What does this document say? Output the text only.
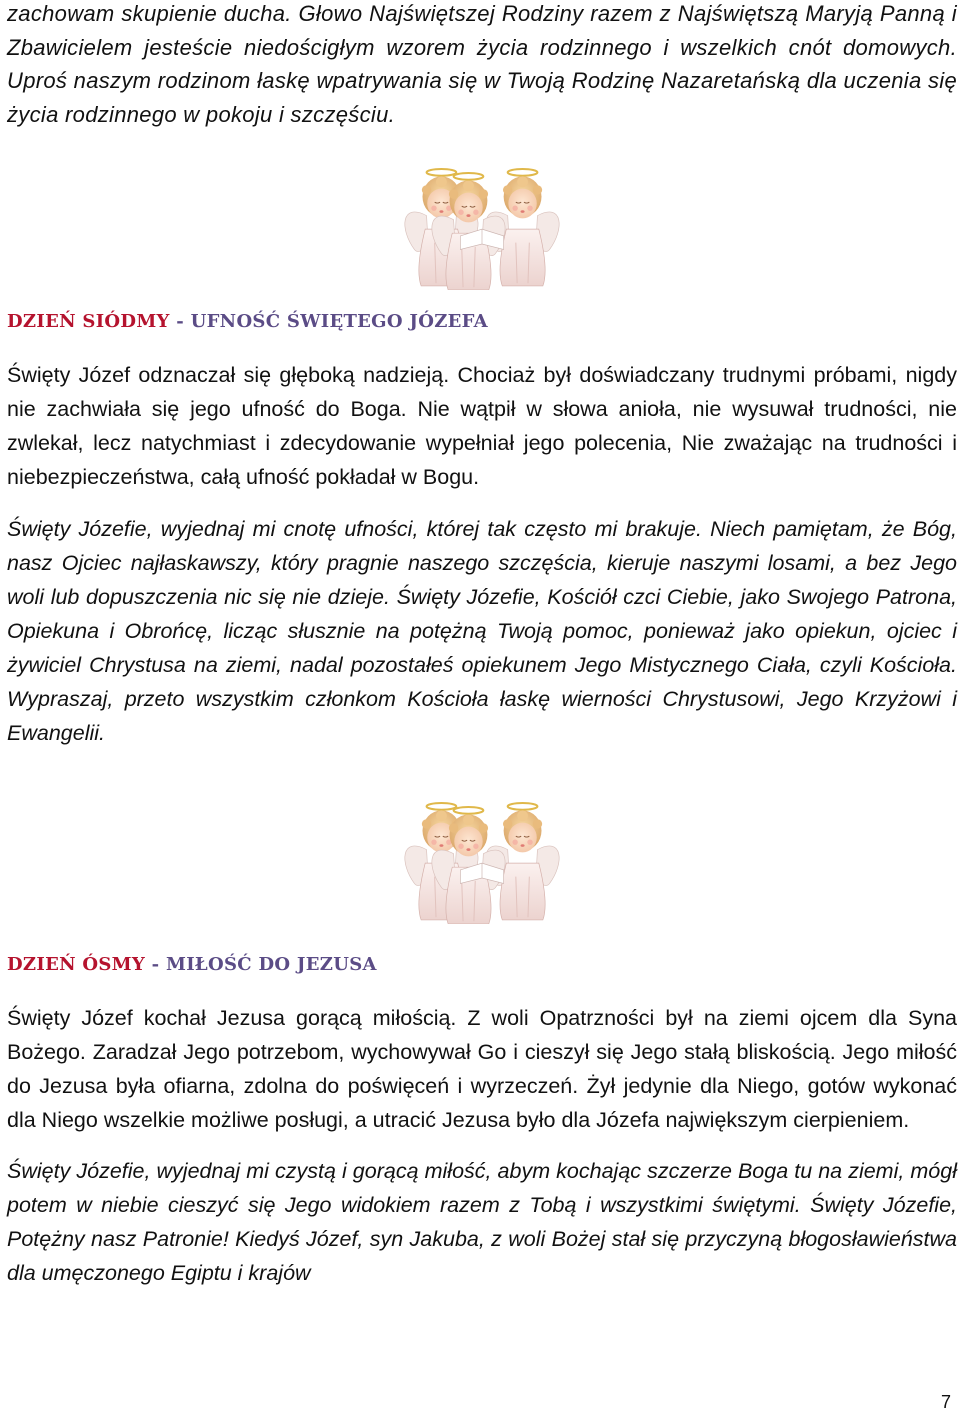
zachowam skupienie ducha. Głowo Najświętszej Rodziny razem z Najświętszą Maryją Panną i Zbawicielem jesteście niedościgłym wzorem życia rodzinnego i wszelkich cnót domowych. Uproś naszym rodzinom łaskę wpatrywania się w Twoją Rodzinę Nazaretańską dla uczenia się życia rodzinnego w pokoju i szczęściu.

DZIEŃ SIÓDMY - UFNOŚĆ ŚWIĘTEGO JÓZEFA

Święty Józef odznaczał się głęboką nadzieją. Chociaż był doświadczany trudnymi próbami, nigdy nie zachwiała się jego ufność do Boga. Nie wątpił w słowa anioła, nie wysuwał trudności, nie zwlekał, lecz natychmiast i zdecydowanie wypełniał jego polecenia, Nie zważając na trudności i niebezpieczeństwa, całą ufność pokładał w Bogu.

Święty Józefie, wyjednaj mi cnotę ufności, której tak często mi brakuje. Niech pamiętam, że Bóg, nasz Ojciec najłaskawszy, który pragnie naszego szczęścia, kieruje naszymi losami, a bez Jego woli lub dopuszczenia nic się nie dzieje. Święty Józefie, Kościół czci Ciebie, jako Swojego Patrona, Opiekuna i Obrońcę, licząc słusznie na potężną Twoją pomoc, ponieważ jako opiekun, ojciec i żywiciel Chrystusa na ziemi, nadal pozostałeś opiekunem Jego Mistycznego Ciała, czyli Kościoła. Wypraszaj, przeto wszystkim członkom Kościoła łaskę wierności Chrystusowi, Jego Krzyżowi i Ewangelii.

DZIEŃ ÓSMY - MIŁOŚĆ DO JEZUSA

Święty Józef kochał Jezusa gorącą miłością. Z woli Opatrzności był na ziemi ojcem dla Syna Bożego. Zaradzał Jego potrzebom, wychowywał Go i cieszył się Jego stałą bliskością. Jego miłość do Jezusa była ofiarna, zdolna do poświęceń i wyrzeczeń. Żył jedynie dla Niego, gotów wykonać dla Niego wszelkie możliwe posługi, a utracić Jezusa było dla Józefa największym cierpieniem.

Święty Józefie, wyjednaj mi czystą i gorącą miłość, abym kochając szczerze Boga tu na ziemi, mógł potem w niebie cieszyć się Jego widokiem razem z Tobą i wszystkimi świętymi. Święty Józefie, Potężny nasz Patronie! Kiedyś Józef, syn Jakuba, z woli Bożej stał się przyczyną błogosławieństwa dla umęczonego Egiptu i krajów

7
